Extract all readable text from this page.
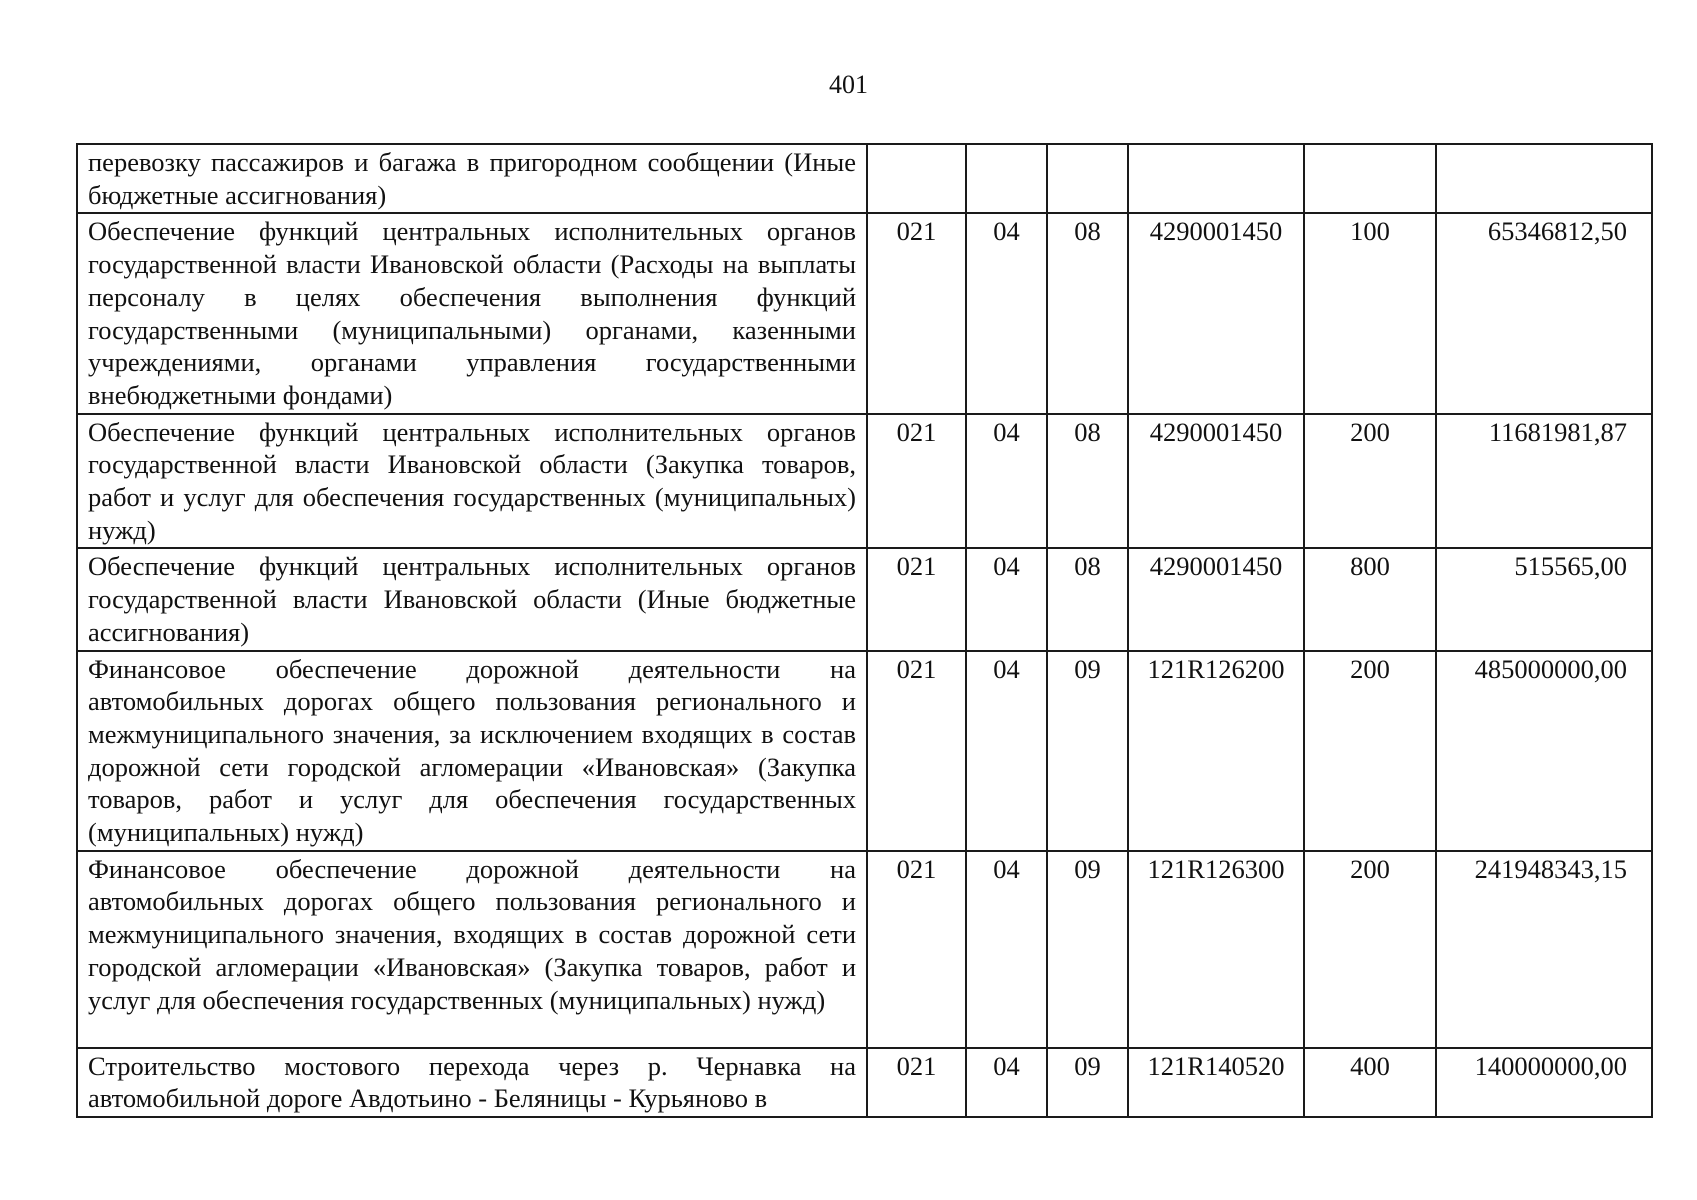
401
перевозку пассажиров и багажа в пригородном сообщении (Иные бюджетные ассигнования)						
Обеспечение функций центральных исполнительных органов государственной власти Ивановской области (Расходы на выплаты персоналу в целях обеспечения выполнения функций государственными (муниципальными) органами, казенными учреждениями, органами управления государственными внебюджетными фондами)	021	04	08	4290001450	100	65346812,50
Обеспечение функций центральных исполнительных органов государственной власти Ивановской области (Закупка товаров, работ и услуг для обеспечения государственных (муниципальных) нужд)	021	04	08	4290001450	200	11681981,87
Обеспечение функций центральных исполнительных органов государственной власти Ивановской области (Иные бюджетные ассигнования)	021	04	08	4290001450	800	515565,00
Финансовое обеспечение дорожной деятельности на автомобильных дорогах общего пользования регионального и межмуниципального значения, за исключением входящих в состав дорожной сети городской агломерации «Ивановская» (Закупка товаров, работ и услуг для обеспечения государственных (муниципальных) нужд)	021	04	09	121R126200	200	485000000,00
Финансовое обеспечение дорожной деятельности на автомобильных дорогах общего пользования регионального и межмуниципального значения, входящих в состав дорожной сети городской агломерации «Ивановская» (Закупка товаров, работ и услуг для обеспечения государственных (муниципальных) нужд)	021	04	09	121R126300	200	241948343,15
Строительство мостового перехода через р. Чернавка на автомобильной дороге Авдотьино - Беляницы - Курьяново в	021	04	09	121R140520	400	140000000,00
